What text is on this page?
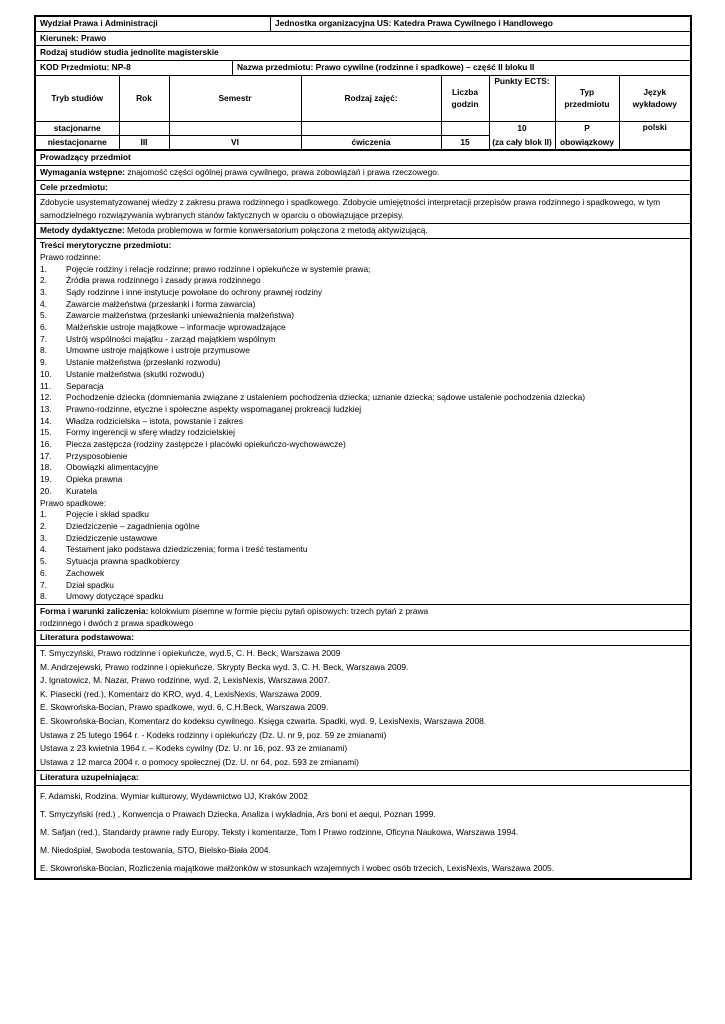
Wydział Prawa i Administracji	Jednostka organizacyjna US: Katedra Prawa Cywilnego i Handlowego
Kierunek: Prawo
Rodzaj studiów studia jednolite magisterskie
KOD Przedmiotu: NP-8	Nazwa przedmiotu: Prawo cywilne (rodzinne i spadkowe) – część II bloku II
Tryb studiów	Rok	Semestr	Rodzaj zajęć:	Liczba godzin	Punkty ECTS:	Typ przedmiotu	Język wykładowy
stacjonarne					10	P	polski
niestacjonarne	III	VI	ćwiczenia	15	(za cały blok II)	obowiązkowy	
Prowadzący przedmiot
Wymagania wstępne: znajomość części ogólnej prawa cywilnego, prawa zobowiązań i prawa rzeczowego.
Cele przedmiotu:
Zdobycie usystematyzowanej wiedzy z zakresu prawa rodzinnego i spadkowego. Zdobycie umiejętności interpretacji przepisów prawa rodzinnego i spadkowego, w tym samodzielnego rozwiązywania wybranych stanów faktycznych w oparciu o obowiązujące przepisy.
Metody dydaktyczne: Metoda problemowa w formie konwersatorium połączona z metodą aktywizującą.
Treści merytoryczne przedmiotu:
Prawo rodzinne:
1.	Pojęcie rodziny i relacje rodzinne; prawo rodzinne i opiekuńcze w systemie prawa;
2.	Źródła prawa rodzinnego i zasady prawa rodzinnego
3.	Sądy rodzinne i inne instytucje powołane do ochrony prawnej rodziny
4.	Zawarcie małżeństwa (przesłanki i forma zawarcia)
5.	Zawarcie małżeństwa (przesłanki unieważnienia małżeństwa)
6.	Małżeńskie ustroje majątkowe – informacje wprowadzające
7.	Ustrój wspólności majątku - zarząd majątkiem wspólnym
8.	Umowne ustroje majątkowe i ustroje przymusowe
9.	Ustanie małżeństwa (przesłanki rozwodu)
10.	Ustanie małżeństwa (skutki rozwodu)
11.	Separacja
12.	Pochodzenie dziecka (domniemania związane z ustaleniem pochodzenia dziecka; uznanie dziecka; sądowe ustalenie pochodzenia dziecka)
13.	Prawno-rodzinne, etyczne i społeczne aspekty wspomaganej prokreacji ludzkiej
14.	Władza rodzicielska – istota, powstanie i zakres
15.	Formy ingerencji w sferę władzy rodzicielskiej
16.	Piecza zastępcza (rodziny zastępcze i placówki opiekuńczo-wychowawcze)
17.	Przysposobienie
18.	Obowiązki alimentacyjne
19.	Opieka prawna
20.	Kuratela
Prawo spadkowe:
1.	Pojęcie i skład spadku
2.	Dziedziczenie – zagadnienia ogólne
3.	Dziedziczenie ustawowe
4.	Testament jako podstawa dziedziczenia; forma i treść testamentu
5.	Sytuacja prawna spadkobiercy
6.	Zachowek
7.	Dział spadku
8.	Umowy dotyczące spadku
Forma i warunki zaliczenia: kolokwium pisemne w formie pięciu pytań opisowych: trzech pytań z prawa
rodzinnego i dwóch z prawa spadkowego
Literatura podstawowa:
T. Smyczyński, Prawo rodzinne i opiekuńcze, wyd.5, C. H. Beck, Warszawa 2009
M. Andrzejewski, Prawo rodzinne i opiekuńcze. Skrypty Becka wyd. 3, C. H. Beck, Warszawa 2009.
J. Ignatowicz, M. Nazar, Prawo rodzinne, wyd. 2, LexisNexis, Warszawa 2007.
K. Piasecki (red.), Komentarz do KRO, wyd. 4, LexisNexis, Warszawa 2009.
E. Skowrońska-Bocian, Prawo spadkowe, wyd. 6, C.H.Beck, Warszawa 2009.
E. Skowrońska-Bocian, Komentarz do kodeksu cywilnego. Księga czwarta. Spadki, wyd. 9, LexisNexis, Warszawa 2008.
Ustawa z 25 lutego 1964 r. - Kodeks rodzinny i opiekuńczy (Dz. U. nr 9, poz. 59 ze zmianami)
Ustawa z 23 kwietnia 1964 r. – Kodeks cywilny (Dz. U. nr 16, poz. 93 ze zmianami)
Ustawa z 12 marca 2004 r. o pomocy społecznej (Dz. U. nr 64, poz. 593 ze zmianami)
Literatura uzupełniająca:
F. Adamski, Rodzina. Wymiar kulturowy, Wydawnictwo UJ, Kraków 2002
T. Smyczyński (red.) , Konwencja o Prawach Dziecka. Analiza i wykładnia, Ars boni et aequi, Poznan 1999.
M. Safjan (red.), Standardy prawne rady Europy. Teksty i komentarze, Tom I Prawo rodzinne, Oficyna Naukowa, Warszawa 1994.
M. Niedośpiał, Swoboda testowania, STO, Bielsko-Biała 2004.
E. Skowrońska-Bocian, Rozliczenia majątkowe małżonków w stosunkach wzajemnych i wobec osób trzecich, LexisNexis, Warszawa 2005.
